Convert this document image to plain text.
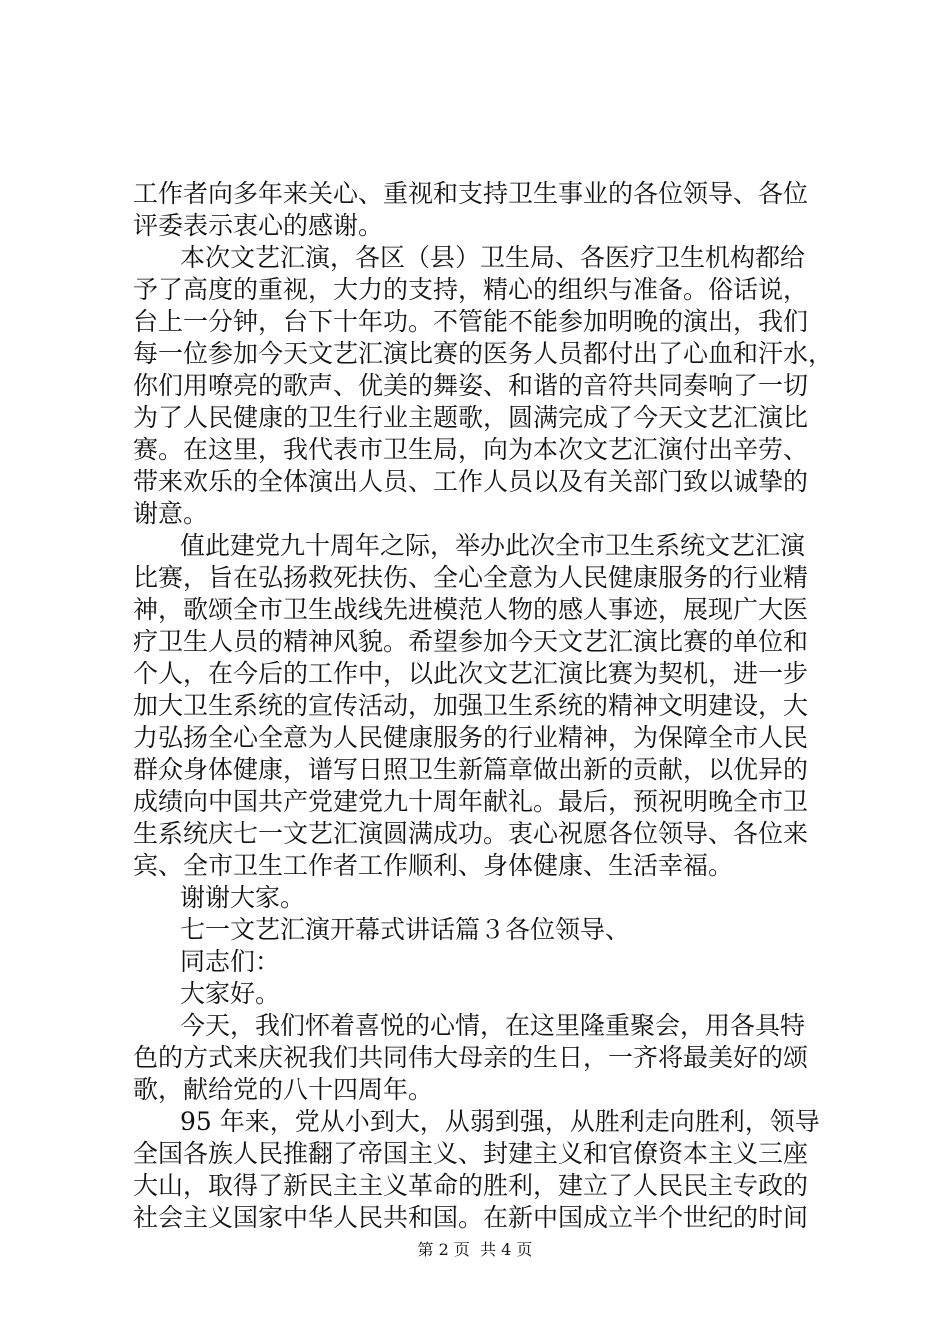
工作者向多年来关心、重视和支持卫生事业的各位领导、各位
评委表示衷心的感谢。
本次文艺汇演，各区（县）卫生局、各医疗卫生机构都给
予了高度的重视，大力的支持，精心的组织与准备。俗话说，
台上一分钟，台下十年功。不管能不能参加明晚的演出，我们
每一位参加今天文艺汇演比赛的医务人员都付出了心血和汗水，
你们用嘹亮的歌声、优美的舞姿、和谐的音符共同奏响了一切
为了人民健康的卫生行业主题歌，圆满完成了今天文艺汇演比
赛。在这里，我代表市卫生局，向为本次文艺汇演付出辛劳、
带来欢乐的全体演出人员、工作人员以及有关部门致以诚挚的
谢意。
值此建党九十周年之际，举办此次全市卫生系统文艺汇演
比赛，旨在弘扬救死扶伤、全心全意为人民健康服务的行业精
神，歌颂全市卫生战线先进模范人物的感人事迹，展现广大医
疗卫生人员的精神风貌。希望参加今天文艺汇演比赛的单位和
个人，在今后的工作中，以此次文艺汇演比赛为契机，进一步
加大卫生系统的宣传活动，加强卫生系统的精神文明建设，大
力弘扬全心全意为人民健康服务的行业精神，为保障全市人民
群众身体健康，谱写日照卫生新篇章做出新的贡献，以优异的
成绩向中国共产党建党九十周年献礼。最后，预祝明晚全市卫
生系统庆七一文艺汇演圆满成功。衷心祝愿各位领导、各位来
宾、全市卫生工作者工作顺利、身体健康、生活幸福。
谢谢大家。
七一文艺汇演开幕式讲话篇３各位领导、
同志们：
大家好。
今天，我们怀着喜悦的心情，在这里隆重聚会，用各具特
色的方式来庆祝我们共同伟大母亲的生日，一齐将最美好的颂
歌，献给党的八十四周年。
95 年来，党从小到大，从弱到强，从胜利走向胜利，领导
全国各族人民推翻了帝国主义、封建主义和官僚资本主义三座
大山，取得了新民主主义革命的胜利，建立了人民民主专政的
社会主义国家中华人民共和国。在新中国成立半个世纪的时间
第 2 页  共 4 页
